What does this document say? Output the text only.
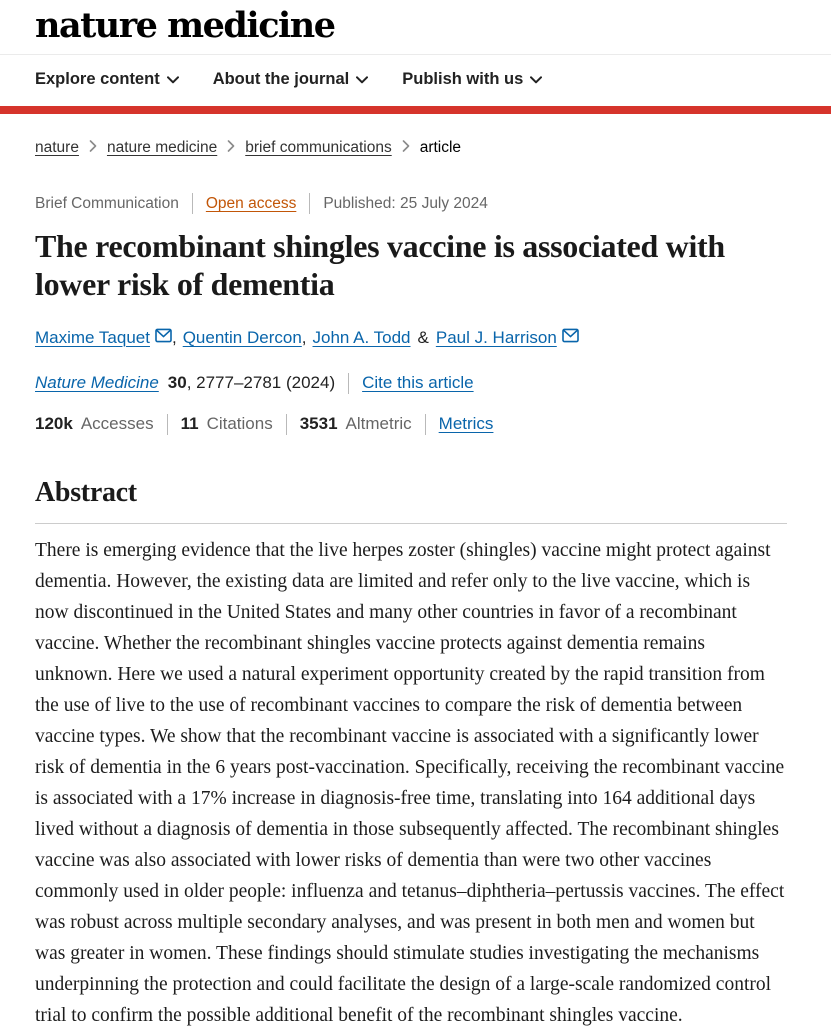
nature medicine
Explore content	About the journal	Publish with us
nature nature medicine brief communications article
Brief Communication Open access Published: 25 July 2024
The recombinant shingles vaccine is associated with lower risk of dementia
Maxime Taquet , Quentin Dercon , John A. Todd & Paul J. Harrison
Nature Medicine 30 , 2777–2781 (2024) Cite this article
120k Accesses 11 Citations 3531 Altmetric Metrics
Abstract

There is emerging evidence that the live herpes zoster (shingles) vaccine might protect against dementia. However, the existing data are limited and refer only to the live vaccine, which is now discontinued in the United States and many other countries in favor of a recombinant vaccine. Whether the recombinant shingles vaccine protects against dementia remains unknown. Here we used a natural experiment opportunity created by the rapid transition from the use of live to the use of recombinant vaccines to compare the risk of dementia between vaccine types. We show that the recombinant vaccine is associated with a significantly lower risk of dementia in the 6 years post-vaccination. Specifically, receiving the recombinant vaccine is associated with a 17% increase in diagnosis-free time, translating into 164 additional days lived without a diagnosis of dementia in those subsequently affected. The recombinant shingles vaccine was also associated with lower risks of dementia than were two other vaccines commonly used in older people: influenza and tetanus–diphtheria–pertussis vaccines. The effect was robust across multiple secondary analyses, and was present in both men and women but was greater in women. These findings should stimulate studies investigating the mechanisms underpinning the protection and could facilitate the design of a large-scale randomized control trial to confirm the possible additional benefit of the recombinant shingles vaccine.
